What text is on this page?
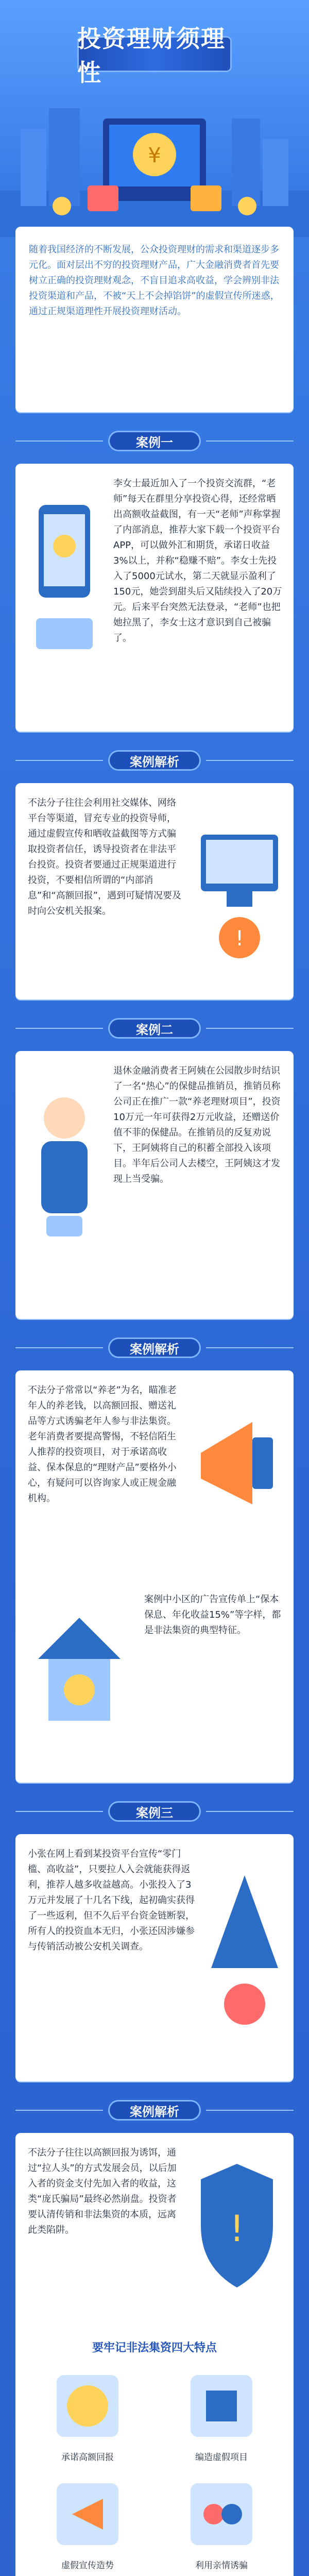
投资理财须理性
¥
随着我国经济的不断发展，公众投资理财的需求和渠道逐步多元化。面对层出不穷的投资理财产品，广大金融消费者首先要树立正确的投资理财观念，不盲目追求高收益，学会辨别非法投资渠道和产品，不被“天上不会掉馅饼”的虚假宣传所迷惑，通过正规渠道理性开展投资理财活动。
案例一
李女士最近加入了一个投资交流群，“老师”每天在群里分享投资心得，还经常晒出高额收益截图，有一天“老师”声称掌握了内部消息，推荐大家下载一个投资平台APP，可以做外汇和期货，承诺日收益3%以上，并称“稳赚不赔”。李女士先投入了5000元试水，第二天就显示盈利了150元，她尝到甜头后又陆续投入了20万元。后来平台突然无法登录，“老师”也把她拉黑了，李女士这才意识到自己被骗了。
案例解析
不法分子往往会利用社交媒体、网络平台等渠道，冒充专业的投资导师，通过虚假宣传和晒收益截图等方式骗取投资者信任，诱导投资者在非法平台投资。投资者要通过正规渠道进行投资，不要相信所谓的“内部消息”和“高额回报”，遇到可疑情况要及时向公安机关报案。
!
案例二
退休金融消费者王阿姨在公园散步时结识了一名“热心”的保健品推销员，推销员称公司正在推广一款“养老理财项目”，投资10万元一年可获得2万元收益，还赠送价值不菲的保健品。在推销员的反复劝说下，王阿姨将自己的积蓄全部投入该项目。半年后公司人去楼空，王阿姨这才发现上当受骗。
案例解析
不法分子常常以“养老”为名，瞄准老年人的养老钱，以高额回报、赠送礼品等方式诱骗老年人参与非法集资。老年消费者要提高警惕，不轻信陌生人推荐的投资项目，对于承诺高收益、保本保息的“理财产品”要格外小心，有疑问可以咨询家人或正规金融机构。
案例中小区的广告宣传单上“保本保息、年化收益15%”等字样，都是非法集资的典型特征。
案例三
小张在网上看到某投资平台宣传“零门槛、高收益”，只要拉人入会就能获得返利，推荐人越多收益越高。小张投入了3万元并发展了十几名下线，起初确实获得了一些返利，但不久后平台资金链断裂，所有人的投资血本无归，小张还因涉嫌参与传销活动被公安机关调查。
案例解析
不法分子往往以高额回报为诱饵，通过“拉人头”的方式发展会员，以后加入者的资金支付先加入者的收益，这类“庞氏骗局”最终必然崩盘。投资者要认清传销和非法集资的本质，远离此类陷阱。	!
要牢记非法集资四大特点
承诺高额回报	编造虚假项目
虚假宣传造势	利用亲情诱骗
